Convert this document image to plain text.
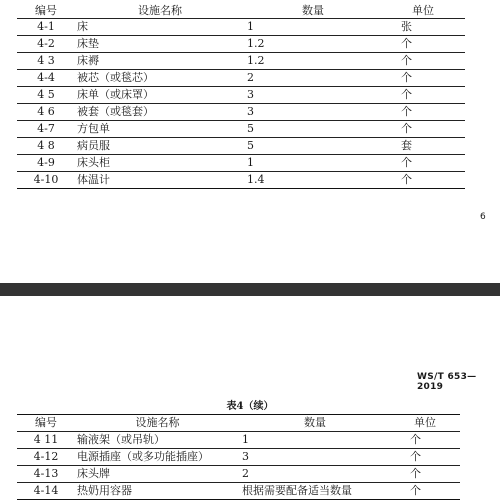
编号	设施名称	数量	单位
4-1	床	1	张
4-2	床垫	1.2	个
4 3	床褥	1.2	个
4-4	被芯（或毯芯）	2	个
4 5	床单（或床罩）	3	个
4 6	被套（或毯套）	3	个
4-7	方包单	5	个
4 8	病员服	5	套
4-9	床头柜	1	个
4-10	体温计	1.4	个
6
WS/T 653—2019
表4（续）
编号	设施名称	数量	单位
4 11	输液架（或吊轨）	1	个
4-12	电源插座（或多功能插座）	3	个
4-13	床头牌	2	个
4-14	热奶用容器	根据需要配备适当数量	个
